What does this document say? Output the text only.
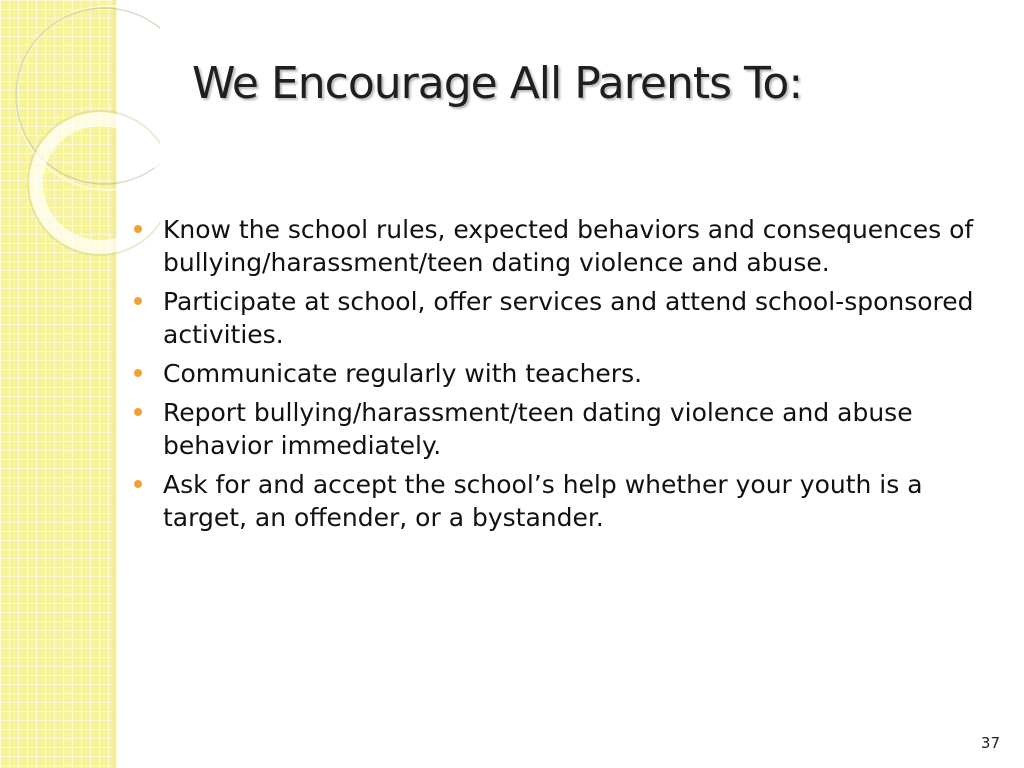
We Encourage All Parents To:
Know the school rules, expected behaviors and consequences of bullying/harassment/teen dating violence and abuse.
Participate at school, offer services and attend school-sponsored activities.
Communicate regularly with teachers.
Report bullying/harassment/teen dating violence and abuse behavior immediately.
Ask for and accept the school’s help whether your youth is a target, an offender, or a bystander.
37
